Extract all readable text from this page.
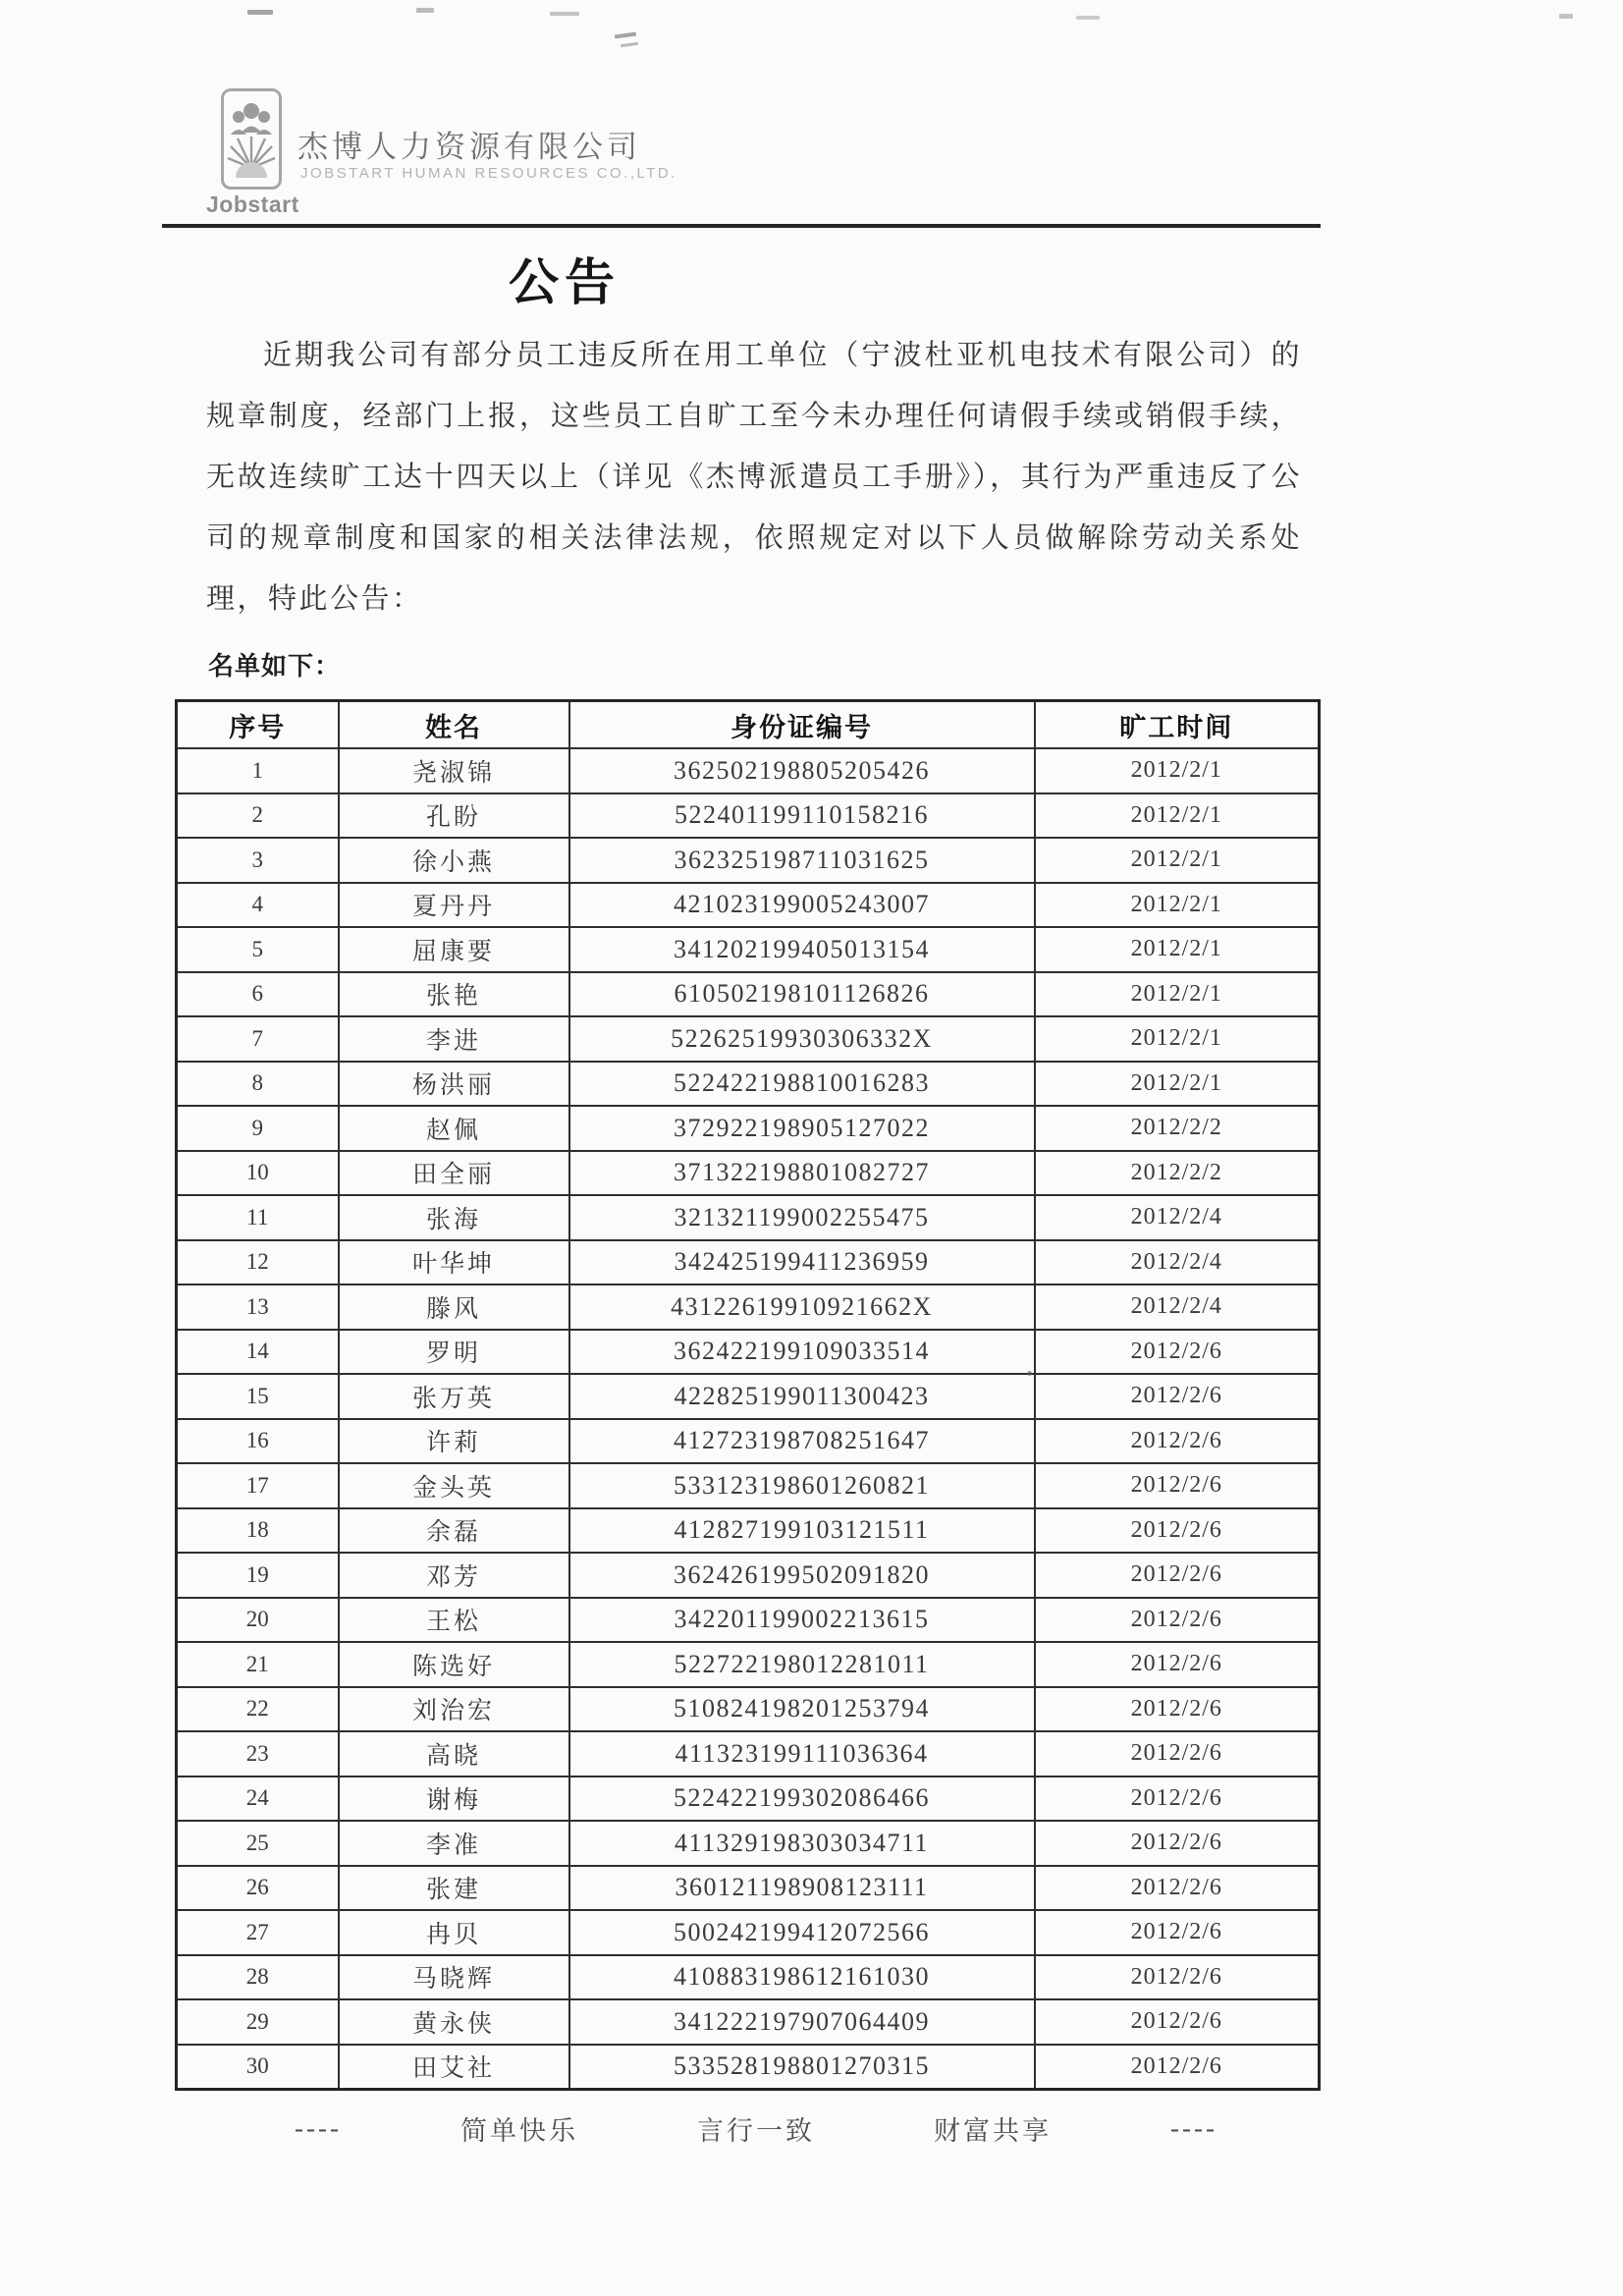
Jobstart
杰博人力资源有限公司
JOBSTART HUMAN RESOURCES CO.,LTD.
公告
近期我公司有部分员工违反所在用工单位（宁波杜亚机电技术有限公司）的规章制度，经部门上报，这些员工自旷工至今未办理任何请假手续或销假手续，无故连续旷工达十四天以上（详见《杰博派遣员工手册》），其行为严重违反了公司的规章制度和国家的相关法律法规，依照规定对以下人员做解除劳动关系处理，特此公告：
名单如下：
序号	姓名	身份证编号	旷工时间
1	尧淑锦	362502198805205426	2012/2/1
2	孔盼	522401199110158216	2012/2/1
3	徐小燕	362325198711031625	2012/2/1
4	夏丹丹	421023199005243007	2012/2/1
5	屈康要	341202199405013154	2012/2/1
6	张艳	610502198101126826	2012/2/1
7	李进	52262519930306332X	2012/2/1
8	杨洪丽	522422198810016283	2012/2/1
9	赵佩	372922198905127022	2012/2/2
10	田全丽	371322198801082727	2012/2/2
11	张海	321321199002255475	2012/2/4
12	叶华坤	342425199411236959	2012/2/4
13	滕风	43122619910921662X	2012/2/4
14	罗明	362422199109033514	2012/2/6
15	张万英	422825199011300423	2012/2/6
16	许莉	412723198708251647	2012/2/6
17	金头英	533123198601260821	2012/2/6
18	余磊	412827199103121511	2012/2/6
19	邓芳	362426199502091820	2012/2/6
20	王松	342201199002213615	2012/2/6
21	陈选好	522722198012281011	2012/2/6
22	刘治宏	510824198201253794	2012/2/6
23	高晓	411323199111036364	2012/2/6
24	谢梅	522422199302086466	2012/2/6
25	李准	411329198303034711	2012/2/6
26	张建	360121198908123111	2012/2/6
27	冉贝	500242199412072566	2012/2/6
28	马晓辉	410883198612161030	2012/2/6
29	黄永侠	341222197907064409	2012/2/6
30	田艾社	533528198801270315	2012/2/6
----	简单快乐	言行一致	财富共享	----
